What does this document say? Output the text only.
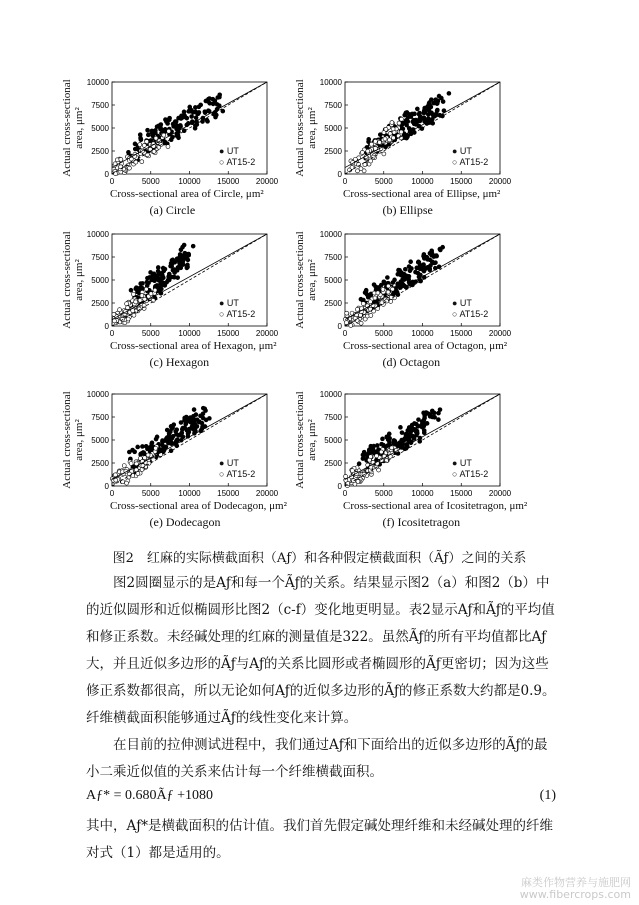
0	5000 10000 15000 20000
0
2500
5000
7500
10000
● UT
○ AT15-2
Actual cross-sectional area, μm²
Cross-sectional area of Circle, μm²
(a) Circle
0	5000 10000 15000 20000
0
2500
5000
7500
10000
● UT
○ AT15-2
Actual cross-sectional area, μm²
Cross-sectional area of Ellipse, μm²
(b) Ellipse
0	5000 10000 15000 20000
0
2500
5000
7500
10000
● UT
○ AT15-2
Actual cross-sectional area, μm²
Cross-sectional area of Hexagon, μm²
(c) Hexagon
0	5000 10000 15000 20000
0
2500
5000
7500
10000
● UT
○ AT15-2
Actual cross-sectional area, μm²
Cross-sectional area of Octagon, μm²
(d) Octagon
0	5000 10000 15000 20000
0
2500
5000
7500
10000
● UT
○ AT15-2
Actual cross-sectional area, μm²
Cross-sectional area of Dodecagon, μm²
(e) Dodecagon
0	5000 10000 15000 20000
0
2500
5000
7500
10000
● UT
○ AT15-2
Actual cross-sectional area, μm²
Cross-sectional area of Icositetragon, μm²
(f) Icositetragon
图2　红麻的实际横截面积（Aƒ）和各种假定横截面积（Ãƒ）之间的关系

图2圆圈显示的是Aƒ和每一个Ãƒ的关系。结果显示图2（a）和图2（b）中的近似圆形和近似椭圆形比图2（c-f）变化地更明显。表2显示Aƒ和Ãƒ的平均值和修正系数。未经碱处理的红麻的测量值是322。虽然Ãƒ的所有平均值都比Aƒ大，并且近似多边形的Ãƒ与Aƒ的关系比圆形或者椭圆形的Ãƒ更密切；因为这些修正系数都很高，所以无论如何Aƒ的近似多边形的Ãƒ的修正系数大约都是0.9。纤维横截面积能够通过Ãƒ的线性变化来计算。

在目前的拉伸测试进程中，我们通过Aƒ和下面给出的近似多边形的Ãƒ的最小二乘近似值的关系来估计每一个纤维横截面积。

Aƒ* = 0.680Ãƒ +1080	(1)

其中，Aƒ*是横截面积的估计值。我们首先假定碱处理纤维和未经碱处理的纤维对式（1）都是适用的。

麻类作物营养与施肥网
www.fibercrops.com
